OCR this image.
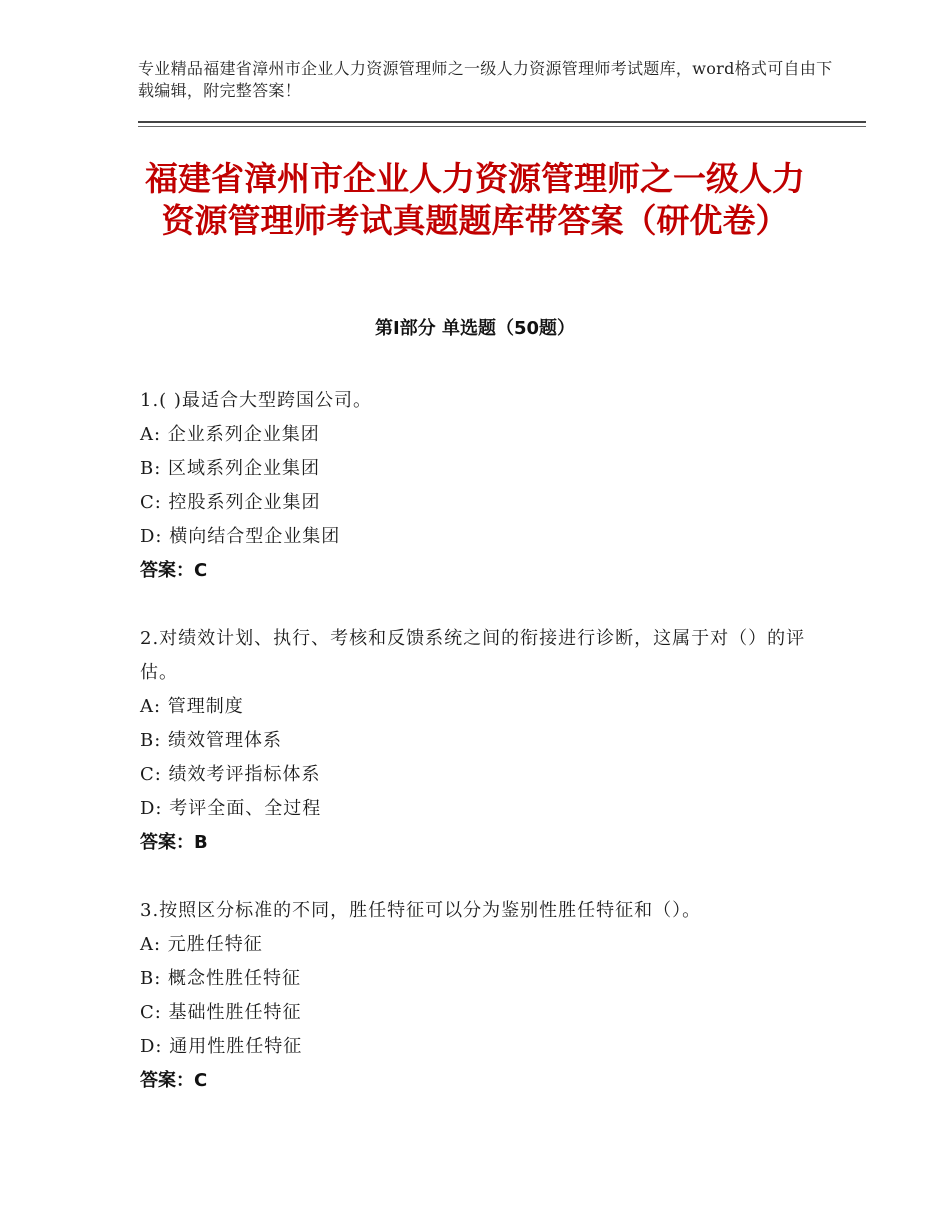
专业精品福建省漳州市企业人力资源管理师之一级人力资源管理师考试题库，word格式可自由下载编辑，附完整答案！
福建省漳州市企业人力资源管理师之一级人力资源管理师考试真题题库带答案（研优卷）
第Ⅰ部分 单选题（50题）
1.( )最适合大型跨国公司。
A: 企业系列企业集团
B: 区域系列企业集团
C: 控股系列企业集团
D: 横向结合型企业集团
答案：C
2.对绩效计划、执行、考核和反馈系统之间的衔接进行诊断，这属于对（）的评估。
A: 管理制度
B: 绩效管理体系
C: 绩效考评指标体系
D: 考评全面、全过程
答案：B
3.按照区分标准的不同，胜任特征可以分为鉴别性胜任特征和（）。
A: 元胜任特征
B: 概念性胜任特征
C: 基础性胜任特征
D: 通用性胜任特征
答案：C
